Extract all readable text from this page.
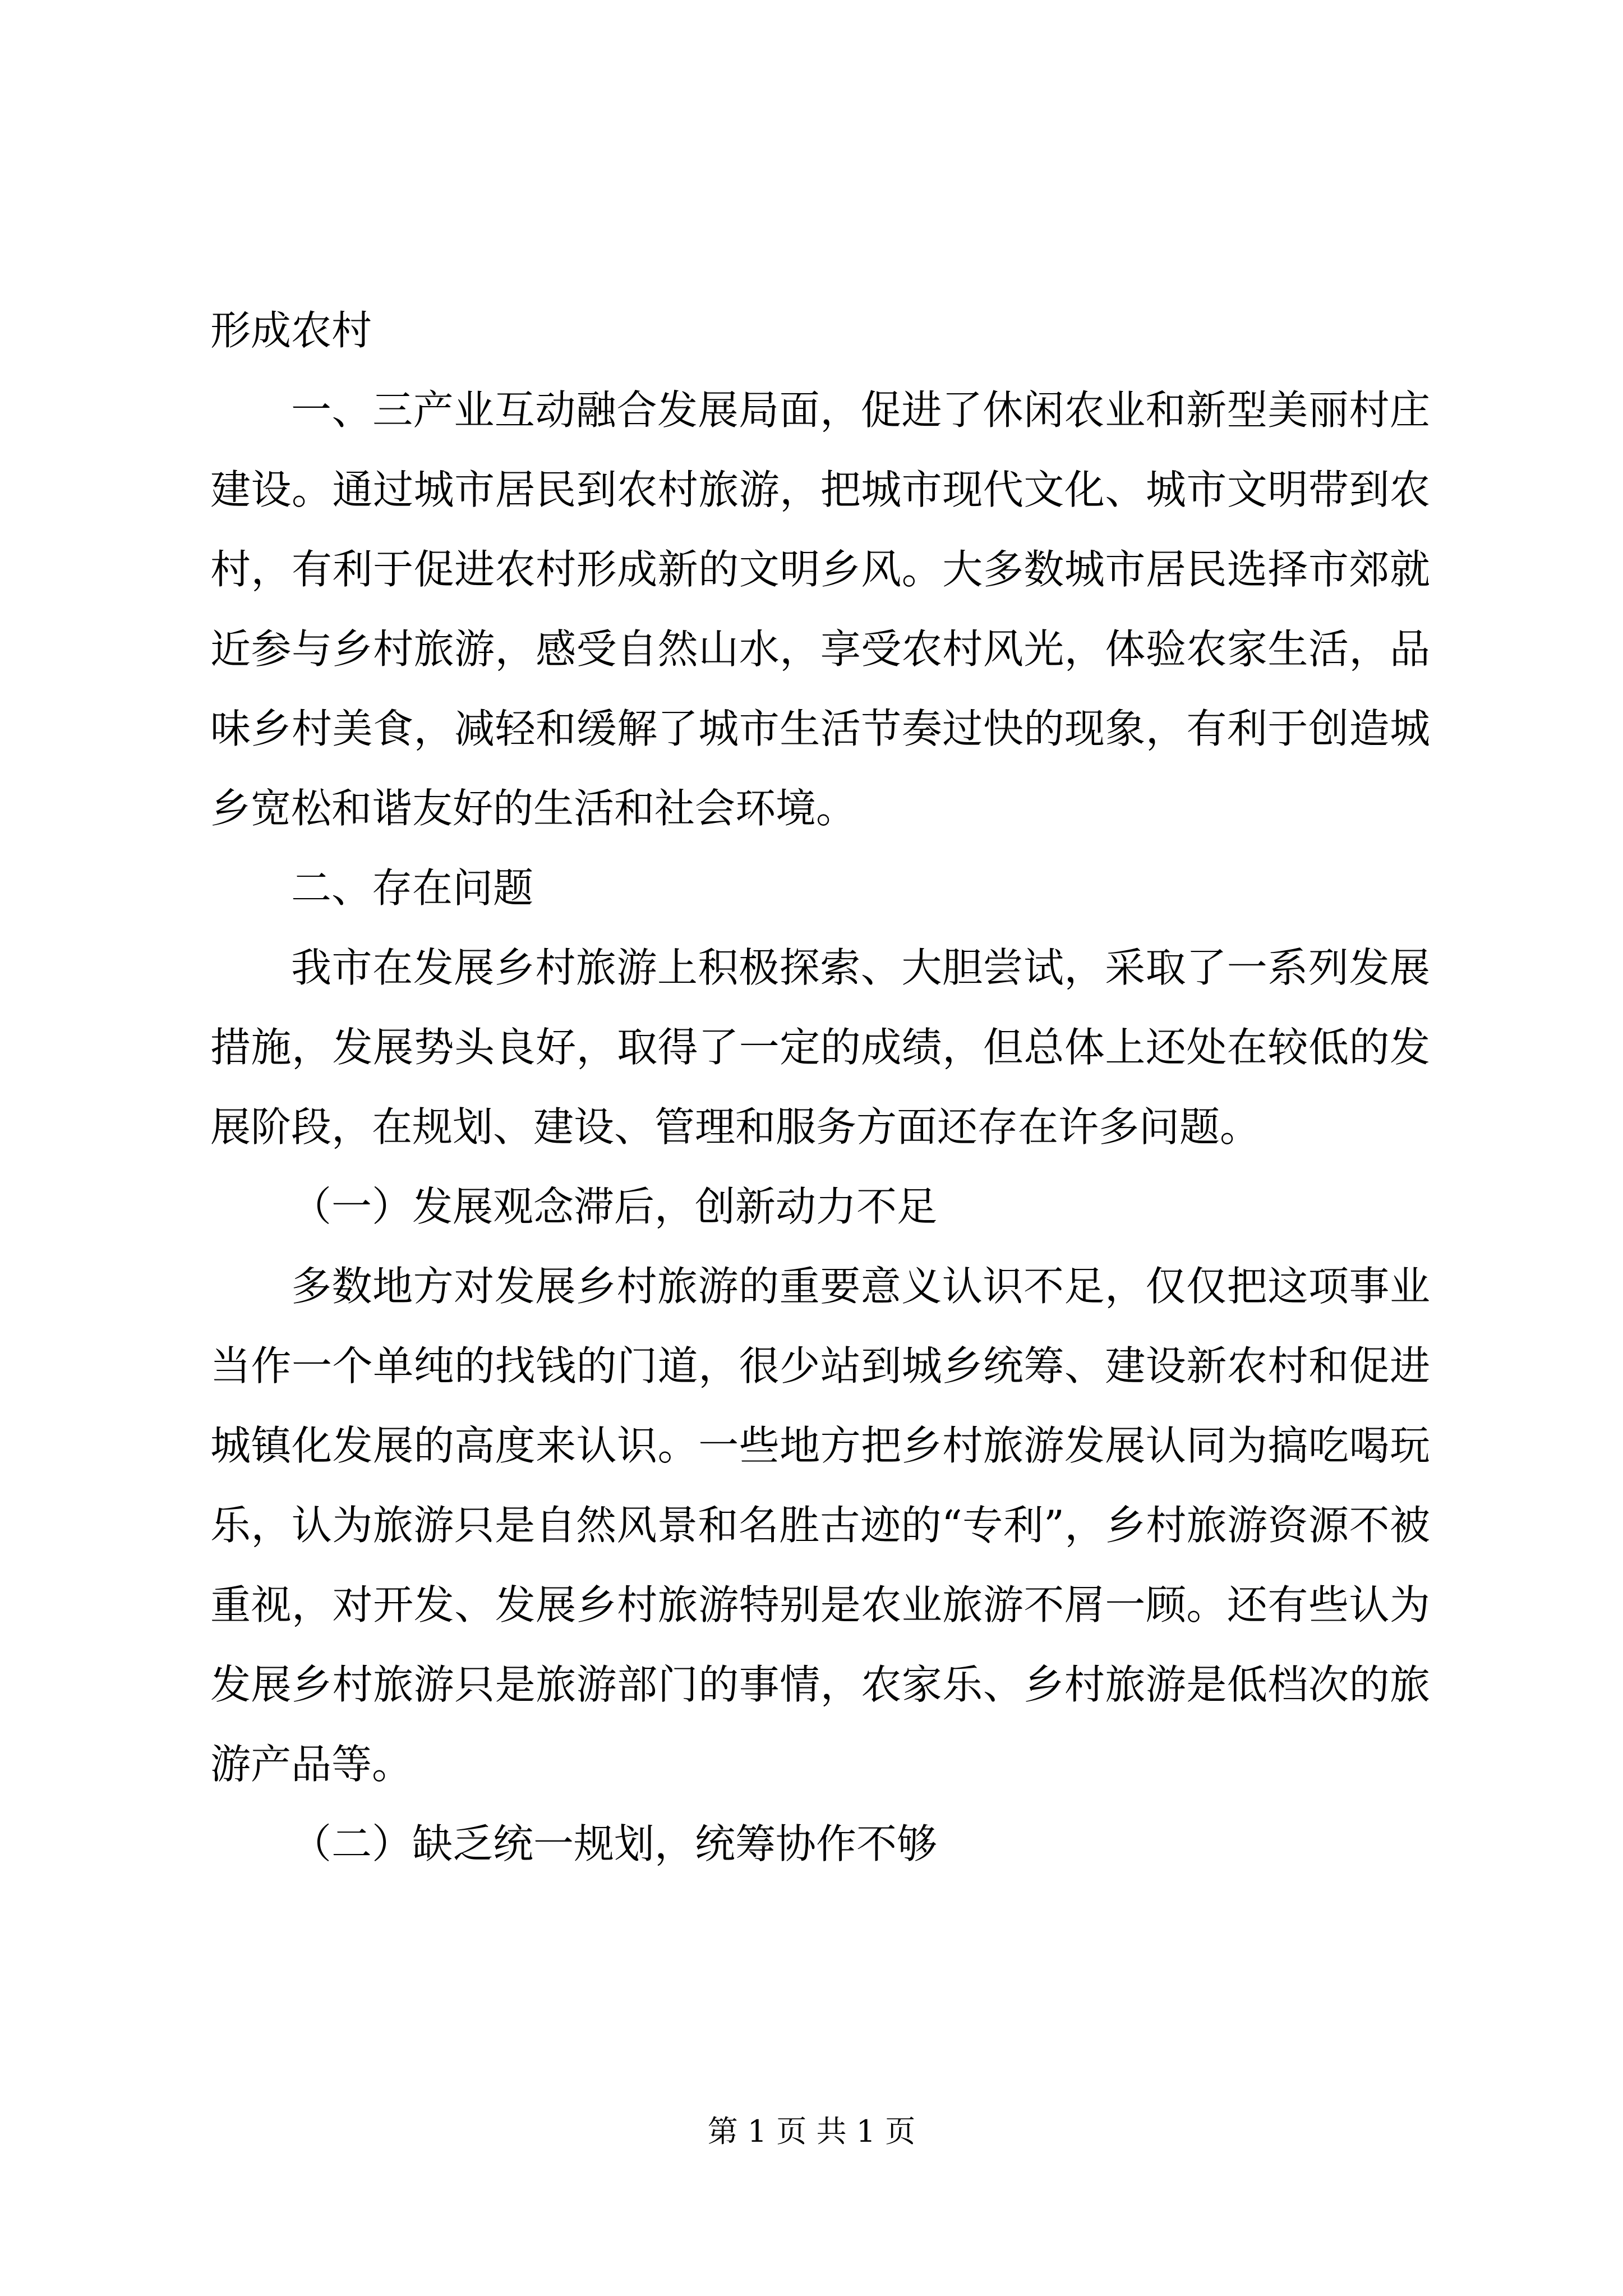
形成农村

一、三产业互动融合发展局面，促进了休闲农业和新型美丽村庄建设。通过城市居民到农村旅游，把城市现代文化、城市文明带到农村，有利于促进农村形成新的文明乡风。大多数城市居民选择市郊就近参与乡村旅游，感受自然山水，享受农村风光，体验农家生活，品味乡村美食，减轻和缓解了城市生活节奏过快的现象，有利于创造城乡宽松和谐友好的生活和社会环境。

二、存在问题

我市在发展乡村旅游上积极探索、大胆尝试，采取了一系列发展措施，发展势头良好，取得了一定的成绩，但总体上还处在较低的发展阶段，在规划、建设、管理和服务方面还存在许多问题。

（一）发展观念滞后，创新动力不足

多数地方对发展乡村旅游的重要意义认识不足，仅仅把这项事业当作一个单纯的找钱的门道，很少站到城乡统筹、建设新农村和促进城镇化发展的高度来认识。一些地方把乡村旅游发展认同为搞吃喝玩乐，认为旅游只是自然风景和名胜古迹的“专利”，乡村旅游资源不被重视，对开发、发展乡村旅游特别是农业旅游不屑一顾。还有些认为发展乡村旅游只是旅游部门的事情，农家乐、乡村旅游是低档次的旅游产品等。

（二）缺乏统一规划，统筹协作不够

第 1 页 共 1 页
